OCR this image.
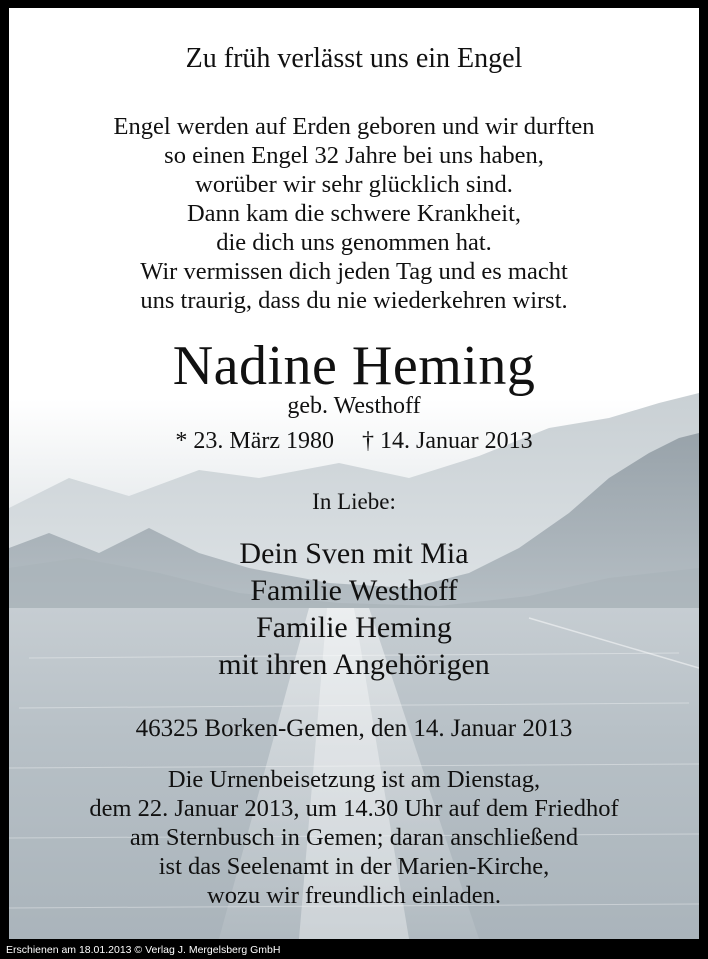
Zu früh verlässt uns ein Engel
Engel werden auf Erden geboren und wir durften
so einen Engel 32 Jahre bei uns haben,
worüber wir sehr glücklich sind.
Dann kam die schwere Krankheit,
die dich uns genommen hat.
Wir vermissen dich jeden Tag und es macht
uns traurig, dass du nie wiederkehren wirst.
Nadine Heming
geb. Westhoff
* 23. März 1980 † 14. Januar 2013
In Liebe:
Dein Sven mit Mia
Familie Westhoff
Familie Heming
mit ihren Angehörigen
46325 Borken-Gemen, den 14. Januar 2013
Die Urnenbeisetzung ist am Dienstag,
dem 22. Januar 2013, um 14.30 Uhr auf dem Friedhof
am Sternbusch in Gemen; daran anschließend
ist das Seelenamt in der Marien-Kirche,
wozu wir freundlich einladen.
Erschienen am 18.01.2013 © Verlag J. Mergelsberg GmbH
